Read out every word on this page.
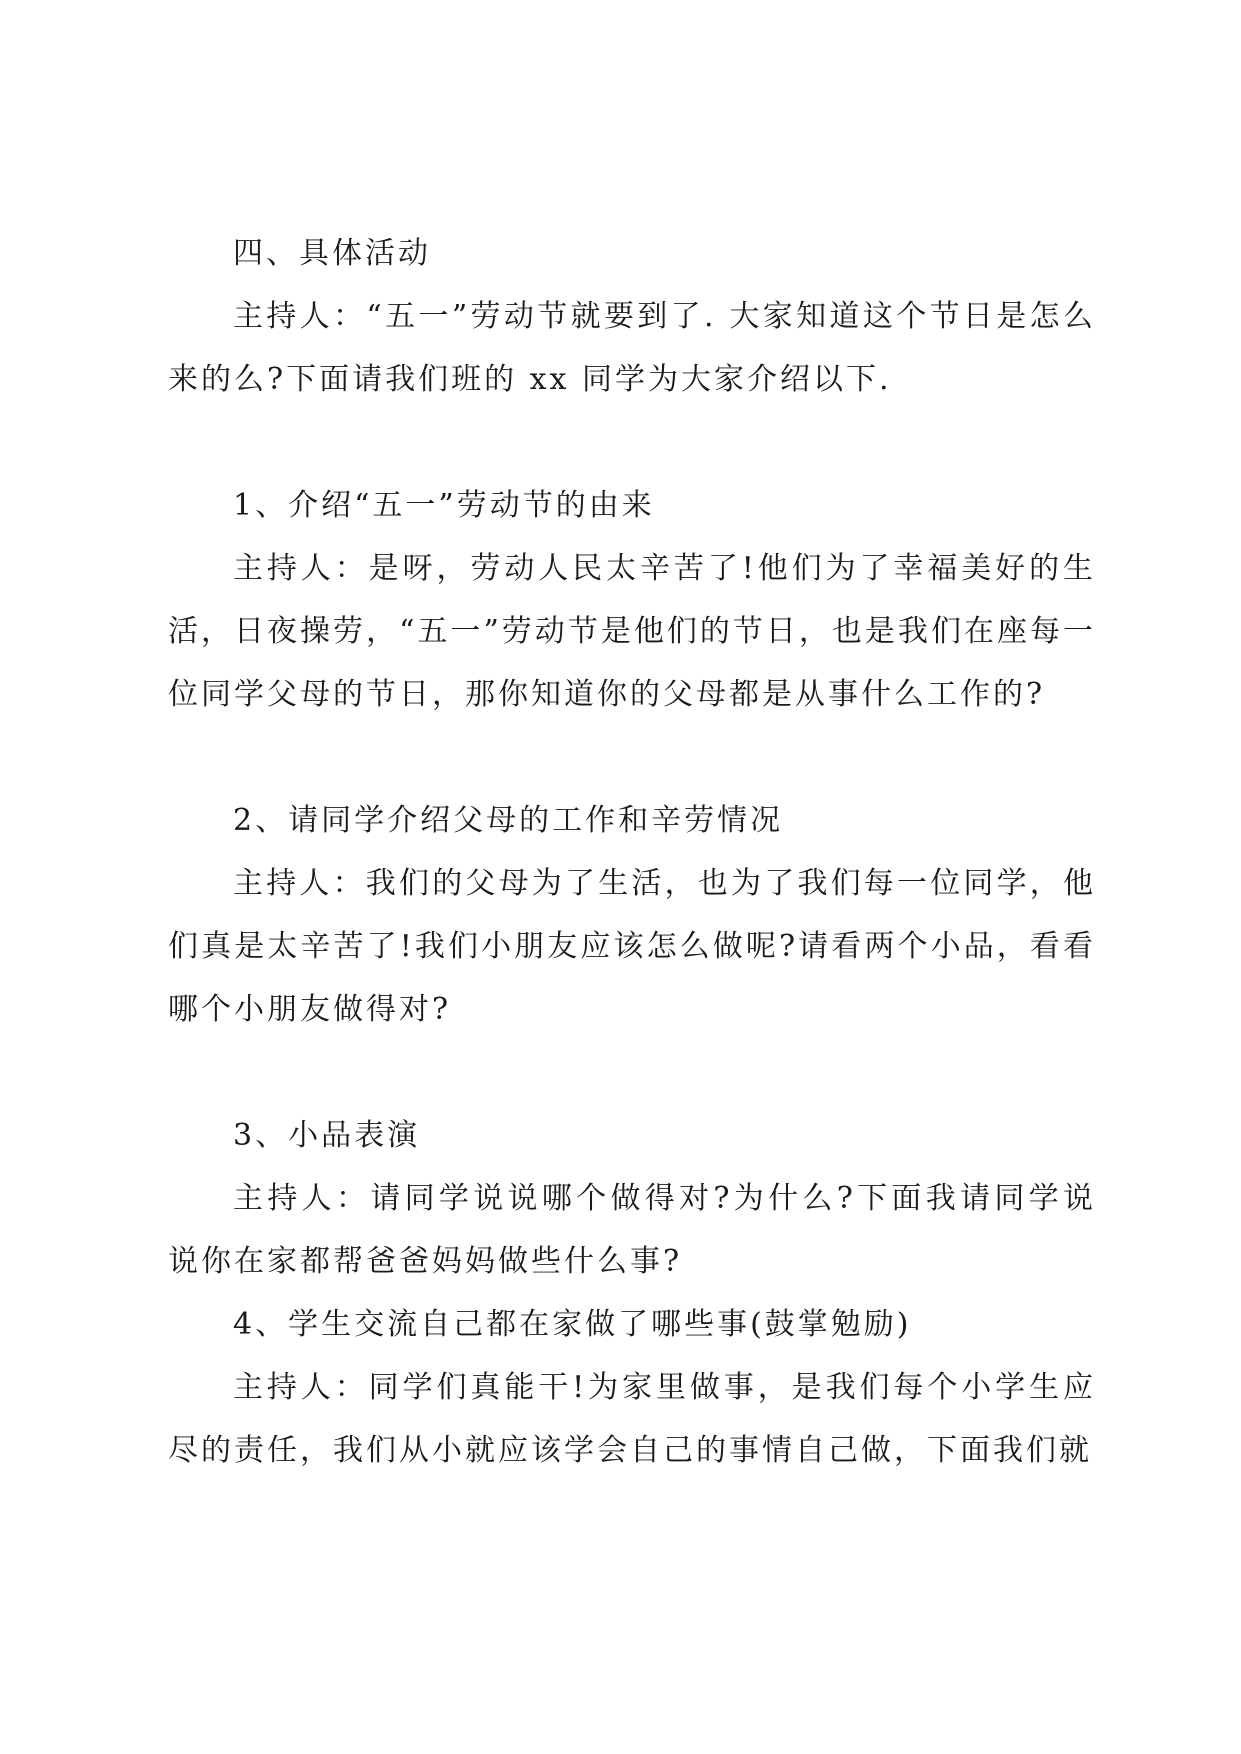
四、具体活动

主持人：“五一”劳动节就要到了. 大家知道这个节日是怎么来的么?下面请我们班的 xx 同学为大家介绍以下.

1、介绍“五一”劳动节的由来

主持人：是呀，劳动人民太辛苦了!他们为了幸福美好的生活，日夜操劳，“五一”劳动节是他们的节日，也是我们在座每一位同学父母的节日，那你知道你的父母都是从事什么工作的?

2、请同学介绍父母的工作和辛劳情况

主持人：我们的父母为了生活，也为了我们每一位同学，他们真是太辛苦了!我们小朋友应该怎么做呢?请看两个小品，看看哪个小朋友做得对?

3、小品表演

主持人：请同学说说哪个做得对?为什么?下面我请同学说说你在家都帮爸爸妈妈做些什么事?

4、学生交流自己都在家做了哪些事(鼓掌勉励)

主持人：同学们真能干!为家里做事，是我们每个小学生应尽的责任，我们从小就应该学会自己的事情自己做，下面我们就
